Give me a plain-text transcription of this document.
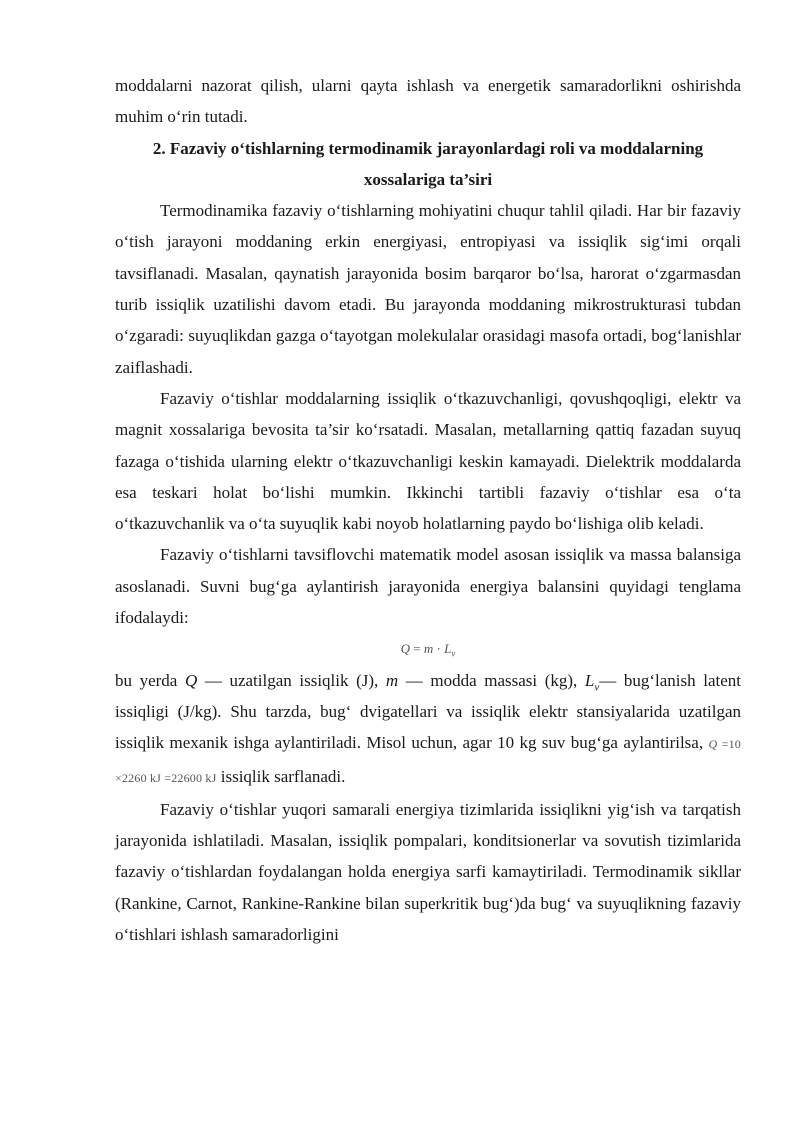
moddalarni nazorat qilish, ularni qayta ishlash va energetik samaradorlikni oshirishda muhim o‘rin tutadi.

2. Fazaviy o‘tishlarning termodinamik jarayonlardagi roli va moddalarning xossalariga ta’siri

Termodinamika fazaviy o‘tishlarning mohiyatini chuqur tahlil qiladi. Har bir fazaviy o‘tish jarayoni moddaning erkin energiyasi, entropiyasi va issiqlik sig‘imi orqali tavsiflanadi. Masalan, qaynatish jarayonida bosim barqaror bo‘lsa, harorat o‘zgarmasdan turib issiqlik uzatilishi davom etadi. Bu jarayonda moddaning mikrostrukturasi tubdan o‘zgaradi: suyuqlikdan gazga o‘tayotgan molekulalar orasidagi masofa ortadi, bog‘lanishlar zaiflashadi.

Fazaviy o‘tishlar moddalarning issiqlik o‘tkazuvchanligi, qovushqoqligi, elektr va magnit xossalariga bevosita ta’sir ko‘rsatadi. Masalan, metallarning qattiq fazadan suyuq fazaga o‘tishida ularning elektr o‘tkazuvchanligi keskin kamayadi. Dielektrik moddalarda esa teskari holat bo‘lishi mumkin. Ikkinchi tartibli fazaviy o‘tishlar esa o‘ta o‘tkazuvchanlik va o‘ta suyuqlik kabi noyob holatlarning paydo bo‘lishiga olib keladi.

Fazaviy o‘tishlarni tavsiflovchi matematik model asosan issiqlik va massa balansiga asoslanadi. Suvni bug‘ga aylantirish jarayonida energiya balansini quyidagi tenglama ifodalaydi:

$Q = m \cdot L_v$

bu yerda Q — uzatilgan issiqlik (J), m — modda massasi (kg), $L_v—$ bug‘lanish latent issiqligi (J/kg). Shu tarzda, bug‘ dvigatellari va issiqlik elektr stansiyalarida uzatilgan issiqlik mexanik ishga aylantiriladi. Misol uchun, agar 10 kg suv bug‘ga aylantirilsa, Q =10 ×2260 kJ =22600 kJ issiqlik sarflanadi.

Fazaviy o‘tishlar yuqori samarali energiya tizimlarida issiqlikni yig‘ish va tarqatish jarayonida ishlatiladi. Masalan, issiqlik pompalari, konditsionerlar va sovutish tizimlarida fazaviy o‘tishlardan foydalangan holda energiya sarfi kamaytiriladi. Termodinamik sikllar (Rankine, Carnot, Rankine-Rankine bilan superkritik bug‘)da bug‘ va suyuqlikning fazaviy o‘tishlari ishlash samaradorligini
